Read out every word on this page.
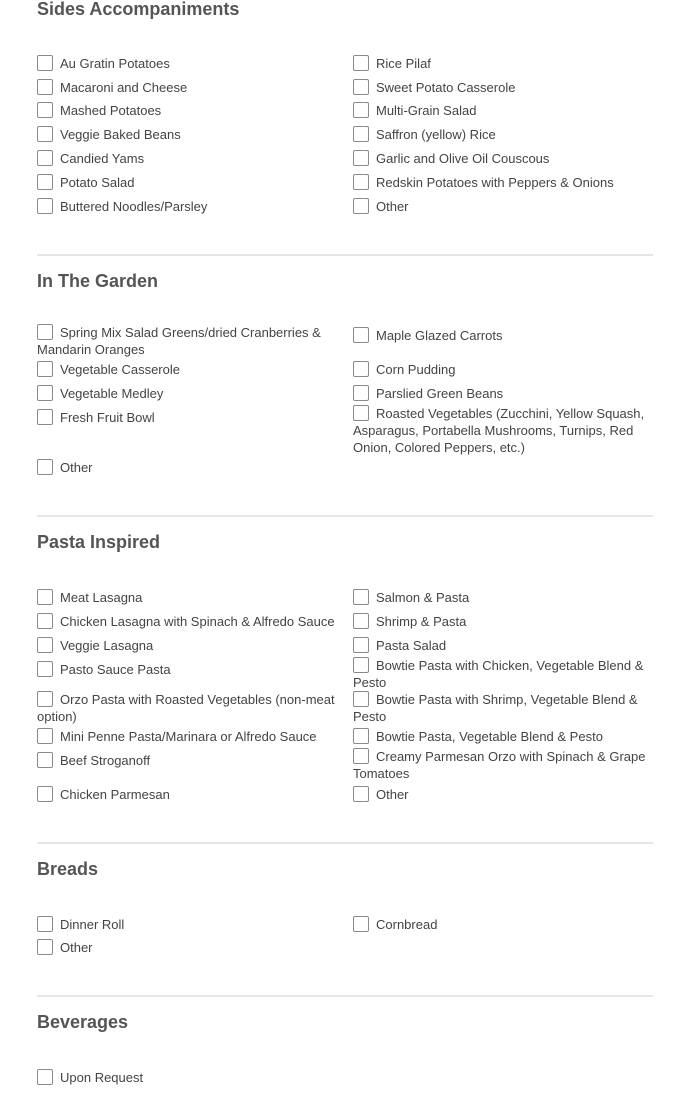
Sides Accompaniments
Au Gratin Potatoes
Macaroni and Cheese
Mashed Potatoes
Veggie Baked Beans
Candied Yams
Potato Salad
Buttered Noodles/Parsley
Rice Pilaf
Sweet Potato Casserole
Multi-Grain Salad
Saffron (yellow) Rice
Garlic and Olive Oil Couscous
Redskin Potatoes with Peppers & Onions
Other
In The Garden
Spring Mix Salad Greens/dried Cranberries & Mandarin Oranges
Vegetable Casserole
Vegetable Medley
Fresh Fruit Bowl
Other
Maple Glazed Carrots
Corn Pudding
Parslied Green Beans
Roasted Vegetables (Zucchini, Yellow Squash, Asparagus, Portabella Mushrooms, Turnips, Red Onion, Colored Peppers, etc.)
Pasta Inspired
Meat Lasagna
Chicken Lasagna with Spinach & Alfredo Sauce
Veggie Lasagna
Pasto Sauce Pasta
Orzo Pasta with Roasted Vegetables (non-meat option)
Mini Penne Pasta/Marinara or Alfredo Sauce
Beef Stroganoff
Chicken Parmesan
Salmon & Pasta
Shrimp & Pasta
Pasta Salad
Bowtie Pasta with Chicken, Vegetable Blend & Pesto
Bowtie Pasta with Shrimp, Vegetable Blend & Pesto
Bowtie Pasta, Vegetable Blend & Pesto
Creamy Parmesan Orzo with Spinach & Grape Tomatoes
Other
Breads
Dinner Roll
Other
Cornbread
Beverages
Upon Request
